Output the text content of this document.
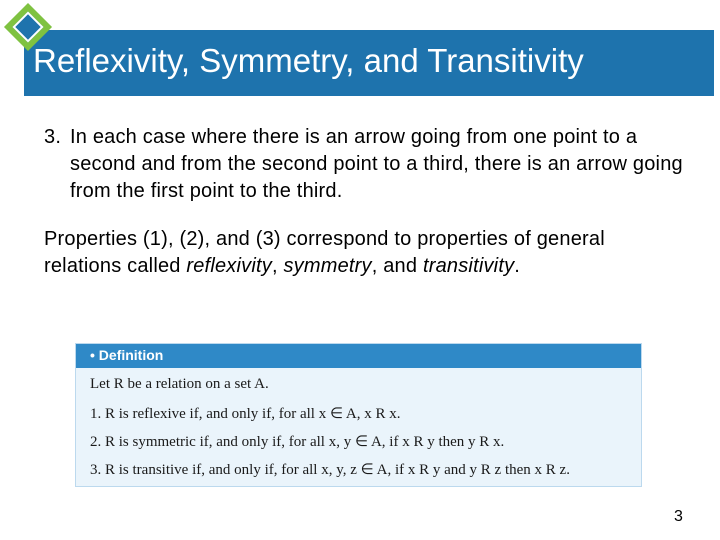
Reflexivity, Symmetry, and Transitivity
3. In each case where there is an arrow going from one point to a second and from the second point to a third, there is an arrow going from the first point to the third.
Properties (1), (2), and (3) correspond to properties of general relations called reflexivity, symmetry, and transitivity.
• Definition
Let R be a relation on a set A.
1. R is reflexive if, and only if, for all x ∈ A, x R x.
2. R is symmetric if, and only if, for all x, y ∈ A, if x R y then y R x.
3. R is transitive if, and only if, for all x, y, z ∈ A, if x R y and y R z then x R z.
3
